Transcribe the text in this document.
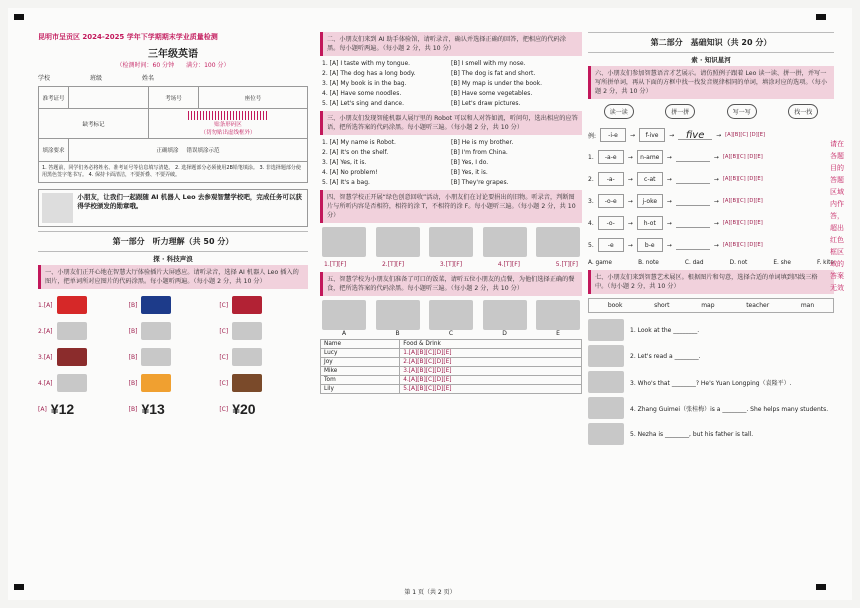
昆明市呈贡区 2024-2025 学年下学期期末学业质量检测
三年级英语
（检测时间：60 分钟　　满分：100 分）
学校	班级	姓名
准考证号	考场号	座位号
缺考标记	贴条形码区
（切勿贴出虚线框外）
填涂要求	正确填涂 错误填涂示范
1. 答题前，同学们务必将姓名、准考证号等信息填写清楚。 2. 选择题部分必须使用2B铅笔填涂。 3. 非选择题部分使用黑色签字笔书写。 4. 保持卡面清洁，不要折叠、不要弄破。
小朋友，让我们一起跟随 AI 机器人 Leo 去参观智慧学校吧，完成任务可以获得学校颁发的勋章哦。
第一部分　听力理解（共 50 分）
探 · 科技声浪
一、小朋友们正开心地在智慧大厅体验插片大屏感应。请听录音，选择 AI 机器人 Leo 插入的图片，把单词所对应图片的代码涂黑。每小题听两遍。（每小题 2 分，共 10 分）
1.[A]	[B]	[C]
2.[A]	[B]	[C]
3.[A]	[B]	[C]
4.[A]	[B]	[C]
[A] ¥12	[B] ¥13	[C] ¥20
二、小朋友们来到 AI 助手体验馆，请听录音，确认并选择正确的回答，把相应的代码涂黑。每小题听两遍。（每小题 2 分，共 10 分）
1. [A] I taste with my tongue.	[B] I smell with my nose.
2. [A] The dog has a long body.	[B] The dog is fat and short.
3. [A] My book is in the bag.	[B] My map is under the book.
4. [A] Have some noodles.	[B] Have some vegetables.
5. [A] Let's sing and dance.	[B] Let's draw pictures.
三、小朋友们发现智能机器人展厅里的 Robot 可以和人对答如流，听问句，选出相应的应答语，把所选答案的代码涂黑。每小题听三遍。（每小题 2 分，共 10 分）
1. [A] My name is Robot.	[B] He is my brother.
2. [A] It's on the shelf.	[B] I'm from China.
3. [A] Yes, it is.	[B] Yes, I do.
4. [A] No problem!	[B] Yes, it is.
5. [A] It's a bag.	[B] They're grapes.
四、智慧学校正开展“绿色创意回收”活动，小朋友们在讨论要捐出的旧物。听录音，判断图片与所听内容是否相符，相符的涂 T，不相符的涂 F。每小题听三遍。（每小题 2 分，共 10 分）
1.[T][F]	2.[T][F]	3.[T][F]	4.[T][F]	5.[T][F]
五、智慧学校为小朋友们准备了可口的饭菜，请听五位小朋友的点餐，为他们选择正确的餐食，把所选答案的代码涂黑。每小题听三遍。（每小题 2 分，共 10 分）
A	B	C	D	E
Name	Food & Drink
Lucy	1.[A][B][C][D][E]
Joy	2.[A][B][C][D][E]
Mike	3.[A][B][C][D][E]
Tom	4.[A][B][C][D][E]
Lily	5.[A][B][C][D][E]
第二部分　基础知识（共 20 分）
索 · 知识星河
六、小朋友们参加智慧语音才艺展示。请仿照例子跟着 Leo 读一读、拼一拼，并写一写所拼单词，再从下面的方框中找一找发音规律相同的单词，填涂对应的选项。（每小题 2 分，共 10 分）
读一读	拼一拼	写一写	找一找
例:	-i-e	→	f-ive	→	five	→ [A][B][C] [D][E]
1.	-a-e	→	n-ame	→	→ [A][B][C] [D][E]
2.	-a-	→	c-at	→	→ [A][B][C] [D][E]
3.	-o-e	→	j-oke	→	→ [A][B][C] [D][E]
4.	-o-	→	h-ot	→	→ [A][B][C] [D][E]
5.	-e	→	b-e	→	→ [A][B][C] [D][E]
A. game	B. note	C. dad	D. not	E. she	F. kite
七、小朋友们来到智慧艺术展区。根据图片和句意，选择合适的单词填到四线三格中。（每小题 2 分，共 10 分）
book	short	map	teacher	man
1. Look at the ________.
2. Let's read a ________.
3. Who's that ________? He's Yuan Longping（袁隆平）.
4. Zhang Guimei（张桂梅）is a ________. She helps many students.
5. Nezha is ________, but his father is tall.
请在各题目的答题区域内作答，超出红色框区域的答案无效
第 1 页（共 2 页）
